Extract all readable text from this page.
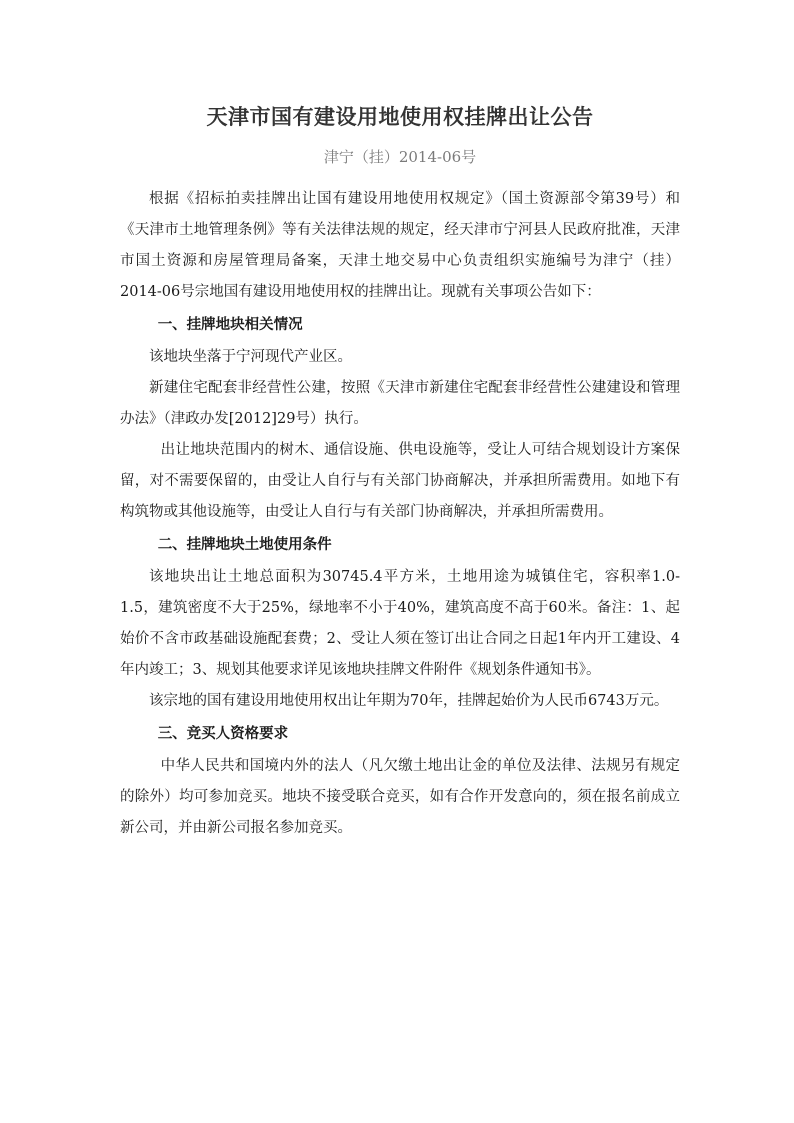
天津市国有建设用地使用权挂牌出让公告
津宁（挂）2014-06号

根据《招标拍卖挂牌出让国有建设用地使用权规定》（国土资源部令第39号）和《天津市土地管理条例》等有关法律法规的规定，经天津市宁河县人民政府批准，天津市国土资源和房屋管理局备案，天津土地交易中心负责组织实施编号为津宁（挂）2014-06号宗地国有建设用地使用权的挂牌出让。现就有关事项公告如下：

一、挂牌地块相关情况

该地块坐落于宁河现代产业区。

新建住宅配套非经营性公建，按照《天津市新建住宅配套非经营性公建建设和管理办法》（津政办发[2012]29号）执行。

出让地块范围内的树木、通信设施、供电设施等，受让人可结合规划设计方案保留，对不需要保留的，由受让人自行与有关部门协商解决，并承担所需费用。如地下有构筑物或其他设施等，由受让人自行与有关部门协商解决，并承担所需费用。

二、挂牌地块土地使用条件

该地块出让土地总面积为30745.4平方米，土地用途为城镇住宅，容积率1.0-1.5，建筑密度不大于25%，绿地率不小于40%，建筑高度不高于60米。备注：1、起始价不含市政基础设施配套费；2、受让人须在签订出让合同之日起1年内开工建设、4年内竣工；3、规划其他要求详见该地块挂牌文件附件《规划条件通知书》。

该宗地的国有建设用地使用权出让年期为70年，挂牌起始价为人民币6743万元。

三、竞买人资格要求

中华人民共和国境内外的法人（凡欠缴土地出让金的单位及法律、法规另有规定的除外）均可参加竞买。地块不接受联合竞买，如有合作开发意向的，须在报名前成立新公司，并由新公司报名参加竞买。
